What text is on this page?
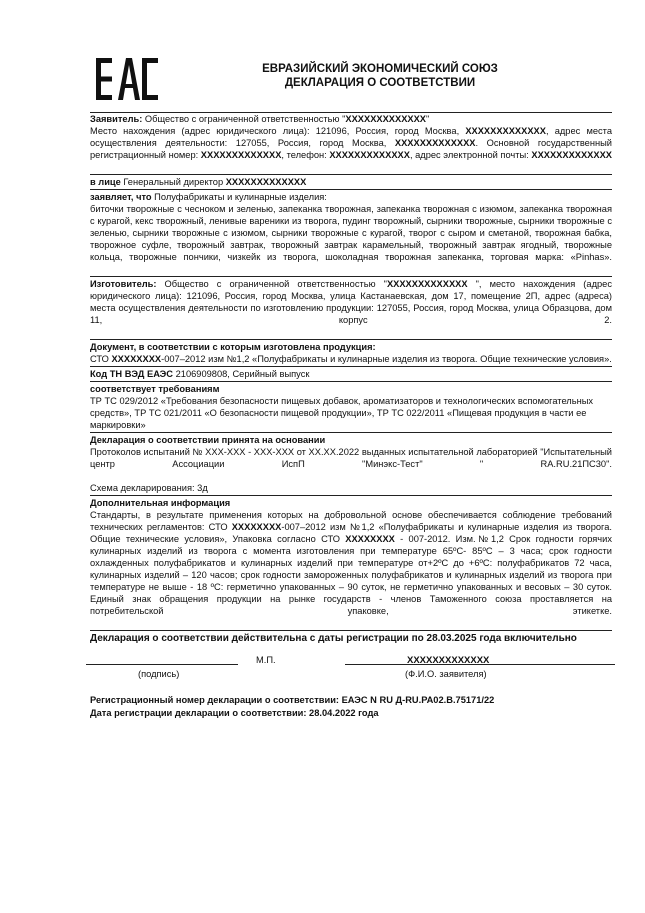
ЕВРАЗИЙСКИЙ ЭКОНОМИЧЕСКИЙ СОЮЗ
ДЕКЛАРАЦИЯ О СООТВЕТСТВИИ

Заявитель: Общество с ограниченной ответственностью "ХХХХХХХХХХХХХ"

Место нахождения (адрес юридического лица): 121096, Россия, город Москва, ХХХХХХХХХХХХХ, адрес места осуществления деятельности: 127055, Россия, город Москва, ХХХХХХХХХХХХХ. Основной государственный регистрационный номер: ХХХХХХХХХХХХХ, телефон: ХХХХХХХХХХХХХ, адрес электронной почты: ХХХХХХХХХХХХХ

в лице Генеральный директор ХХХХХХХХХХХХХ

заявляет, что Полуфабрикаты и кулинарные изделия:

биточки творожные с чесноком и зеленью, запеканка творожная, запеканка творожная с изюмом, запеканка творожная с курагой, кекс творожный, ленивые вареники из творога, пудинг творожный, сырники творожные, сырники творожные с зеленью, сырники творожные с изюмом, сырники творожные с курагой, творог с сыром и сметаной, творожная бабка, творожное суфле, творожный завтрак, творожный завтрак карамельный, творожный завтрак ягодный, творожные кольца, творожные пончики, чизкейк из творога, шоколадная творожная запеканка, торговая марка: «Pinhas».

Изготовитель: Общество с ограниченной ответственностью "ХХХХХХХХХХХХХ ", место нахождения (адрес юридического лица): 121096, Россия, город Москва, улица Кастанаевская, дом 17, помещение 2П, адрес (адреса) места осуществления деятельности по изготовлению продукции: 127055, Россия, город Москва, улица Образцова, дом 11, корпус 2.

Документ, в соответствии с которым изготовлена продукция:

СТО ХХХХХХХХ-007–2012 изм №1,2 «Полуфабрикаты и кулинарные изделия из творога. Общие технические условия».

Код ТН ВЭД ЕАЭС 2106909808, Серийный выпуск

соответствует требованиям

ТР ТС 029/2012 «Требования безопасности пищевых добавок, ароматизаторов и технологических вспомогательных средств», ТР ТС 021/2011 «О безопасности пищевой продукции», ТР ТС 022/2011 «Пищевая продукция в части ее маркировки»

Декларация о соответствии принята на основании

Протоколов испытаний № ХХХ-ХХХ - ХХХ-ХХХ от ХХ.ХХ.2022 выданных испытательной лабораторией "Испытательный центр Ассоциации ИспП "Минэкс-Тест" " RA.RU.21ПС30".

Схема декларирования: 3д

Дополнительная информация

Стандарты, в результате применения которых на добровольной основе обеспечивается соблюдение требований технических регламентов: СТО ХХХХХХХХ-007–2012 изм №1,2 «Полуфабрикаты и кулинарные изделия из творога. Общие технические условия», Упаковка согласно СТО ХХХХХХХХ - 007-2012. Изм.№1,2 Срок годности горячих кулинарных изделий из творога с момента изготовления при температуре 65ºС- 85ºС – 3 часа; срок годности охлажденных полуфабрикатов и кулинарных изделий при температуре от+2ºС до +6ºС: полуфабрикатов 72 часа, кулинарных изделий – 120 часов; срок годности замороженных полуфабрикатов и кулинарных изделий из творога при температуре не выше - 18 ºС: герметично упакованных – 90 суток, не герметично упакованных и весовых – 30 суток. Единый знак обращения продукции на рынке государств - членов Таможенного союза проставляется на потребительской упаковке, этикетке.

Декларация о соответствии действительна с даты регистрации по 28.03.2025 года включительно

М.П.	ХХХХХХХХХХХХХ
(подпись)	(Ф.И.О. заявителя)
Регистрационный номер декларации о соответствии: ЕАЭС N RU Д-RU.РА02.В.75171/22
Дата регистрации декларации о соответствии: 28.04.2022 года
